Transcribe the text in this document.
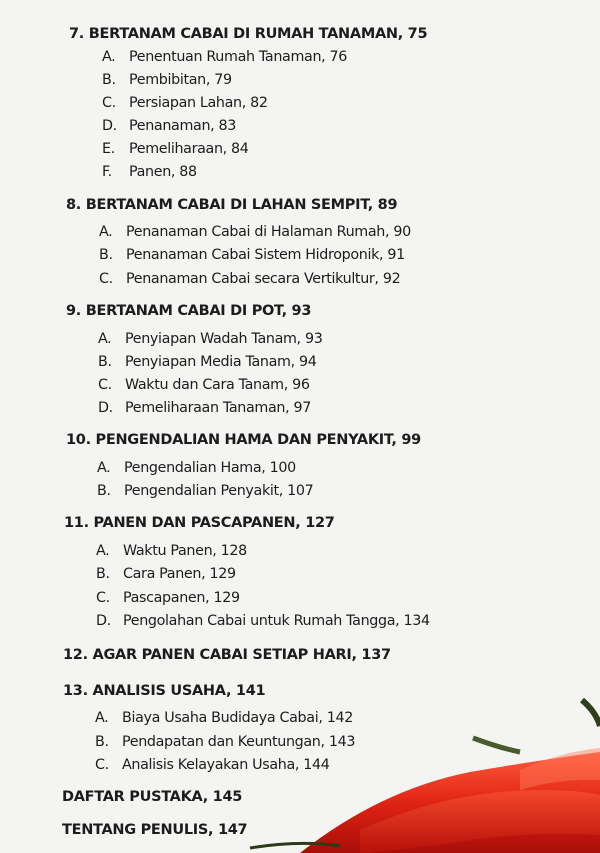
7. BERTANAM CABAI DI RUMAH TANAMAN, 75
A. Penentuan Rumah Tanaman, 76
B. Pembibitan, 79
C. Persiapan Lahan, 82
D. Penanaman, 83
E. Pemeliharaan, 84
F. Panen, 88
8. BERTANAM CABAI DI LAHAN SEMPIT, 89
A. Penanaman Cabai di Halaman Rumah, 90
B. Penanaman Cabai Sistem Hidroponik, 91
C. Penanaman Cabai secara Vertikultur, 92
9. BERTANAM CABAI DI POT, 93
A. Penyiapan Wadah Tanam, 93
B. Penyiapan Media Tanam, 94
C. Waktu dan Cara Tanam, 96
D. Pemeliharaan Tanaman, 97
10. PENGENDALIAN HAMA DAN PENYAKIT, 99
A. Pengendalian Hama, 100
B. Pengendalian Penyakit, 107
11. PANEN DAN PASCAPANEN, 127
A. Waktu Panen, 128
B. Cara Panen, 129
C. Pascapanen, 129
D. Pengolahan Cabai untuk Rumah Tangga, 134
12. AGAR PANEN CABAI SETIAP HARI, 137
13. ANALISIS USAHA, 141
A. Biaya Usaha Budidaya Cabai, 142
B. Pendapatan dan Keuntungan, 143
C. Analisis Kelayakan Usaha, 144
DAFTAR PUSTAKA, 145
TENTANG PENULIS, 147
